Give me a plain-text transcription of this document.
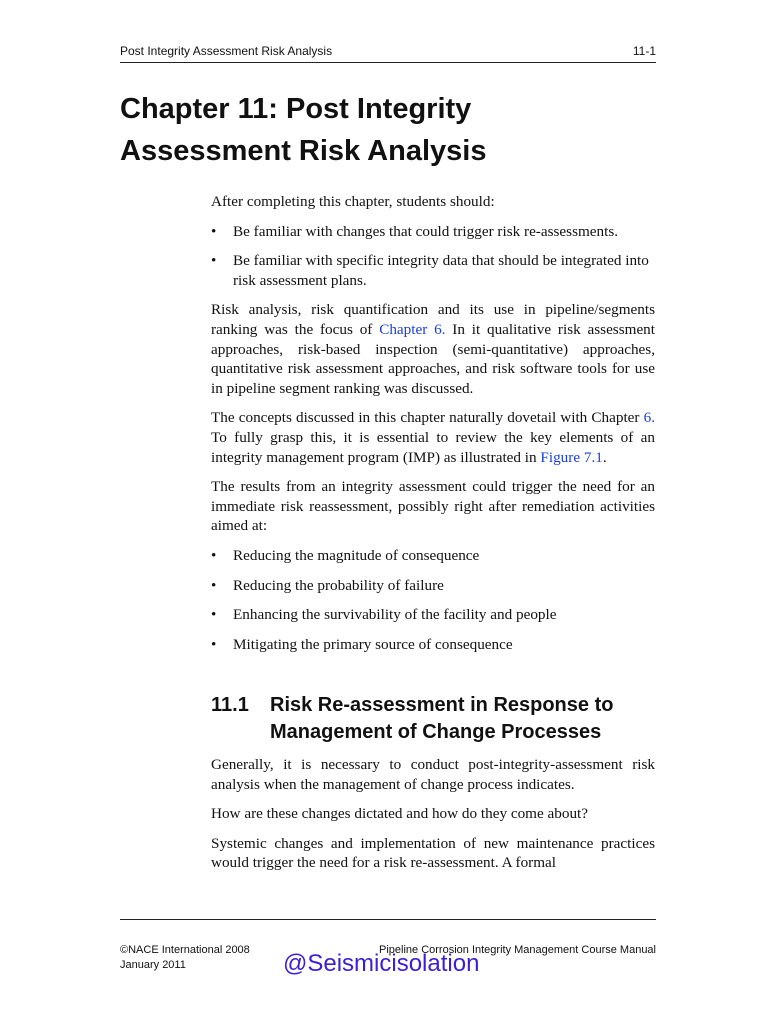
Post Integrity Assessment Risk Analysis	11-1
Chapter 11: Post Integrity
Assessment Risk Analysis

After completing this chapter, students should:

• Be familiar with changes that could trigger risk re-assessments.
• Be familiar with specific integrity data that should be integrated into risk assessment plans.

Risk analysis, risk quantification and its use in pipeline/segments ranking was the focus of Chapter 6. In it qualitative risk assessment approaches, risk-based inspection (semi-quantitative) approaches, quantitative risk assessment approaches, and risk software tools for use in pipeline segment ranking was discussed.

The concepts discussed in this chapter naturally dovetail with Chapter 6. To fully grasp this, it is essential to review the key elements of an integrity management program (IMP) as illustrated in Figure 7.1.

The results from an integrity assessment could trigger the need for an immediate risk reassessment, possibly right after remediation activities aimed at:

• Reducing the magnitude of consequence
• Reducing the probability of failure
• Enhancing the survivability of the facility and people
• Mitigating the primary source of consequence
11.1 Risk Re-assessment in Response to Management of Change Processes

Generally, it is necessary to conduct post-integrity-assessment risk analysis when the management of change process indicates.

How are these changes dictated and how do they come about?

Systemic changes and implementation of new maintenance practices would trigger the need for a risk re-assessment. A formal

©NACE International 2008
January 2011
Pipeline Corrosion Integrity Management Course Manual
@Seismicisolation
